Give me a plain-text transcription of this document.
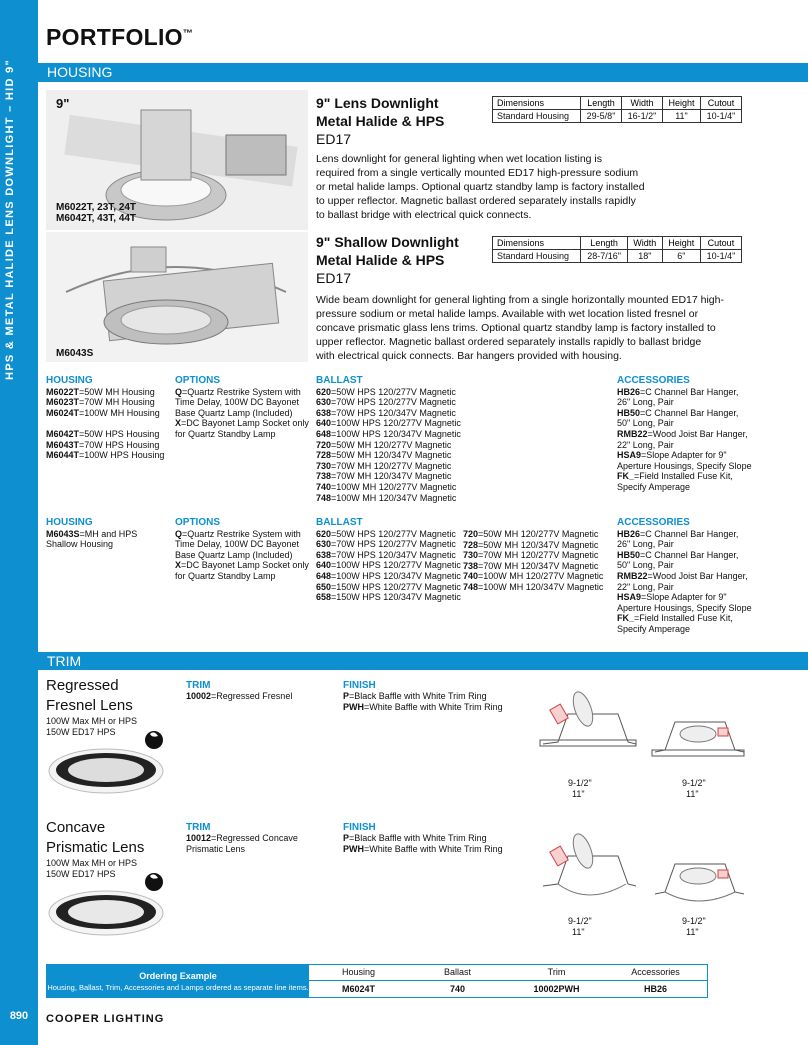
HPS & METAL HALIDE LENS DOWNLIGHT – HID 9"
890
PORTFOLIO™
HOUSING
9"
M6022T, 23T, 24T
M6042T, 43T, 44T
M6043S
9" Lens Downlight
Metal Halide & HPS
ED17
Dimensions	Length	Width	Height	Cutout
Standard Housing	29-5/8"	16-1/2"	11"	10-1/4"
Lens downlight for general lighting when wet location listing is
required from a single vertically mounted ED17 high-pressure sodium
or metal halide lamps. Optional quartz standby lamp is factory installed
to upper reflector. Magnetic ballast ordered separately installs rapidly
to ballast bridge with electrical quick connects.
9" Shallow Downlight
Metal Halide & HPS
ED17
Dimensions	Length	Width	Height	Cutout
Standard Housing	28-7/16"	18"	6"	10-1/4"
Wide beam downlight for general lighting from a single horizontally mounted ED17 high-
pressure sodium or metal halide lamps. Available with wet location listed fresnel or
concave prismatic glass lens trims. Optional quartz standby lamp is factory installed to
upper reflector. Magnetic ballast ordered separately installs rapidly to ballast bridge
with electrical quick connects. Bar hangers provided with housing.
HOUSING
M6022T=50W MH Housing
M6023T=70W MH Housing
M6024T=100W MH Housing

M6042T=50W HPS Housing
M6043T=70W HPS Housing
M6044T=100W HPS Housing
OPTIONS
Q=Quartz Restrike System with
Time Delay, 100W DC Bayonet
Base Quartz Lamp (Included)
X=DC Bayonet Lamp Socket only
for Quartz Standby Lamp
BALLAST
620=50W HPS 120/277V Magnetic
630=70W HPS 120/277V Magnetic
638=70W HPS 120/347V Magnetic
640=100W HPS 120/277V Magnetic
648=100W HPS 120/347V Magnetic
720=50W MH 120/277V Magnetic
728=50W MH 120/347V Magnetic
730=70W MH 120/277V Magnetic
738=70W MH 120/347V Magnetic
740=100W MH 120/277V Magnetic
748=100W MH 120/347V Magnetic
ACCESSORIES
HB26=C Channel Bar Hanger,
26" Long, Pair
HB50=C Channel Bar Hanger,
50" Long, Pair
RMB22=Wood Joist Bar Hanger,
22" Long, Pair
HSA9=Slope Adapter for 9"
Aperture Housings, Specify Slope
FK_=Field Installed Fuse Kit,
Specify Amperage
HOUSING
M6043S=MH and HPS
Shallow Housing
OPTIONS
Q=Quartz Restrike System with
Time Delay, 100W DC Bayonet
Base Quartz Lamp (Included)
X=DC Bayonet Lamp Socket only
for Quartz Standby Lamp
BALLAST
620=50W HPS 120/277V Magnetic
630=70W HPS 120/277V Magnetic
638=70W HPS 120/347V Magnetic
640=100W HPS 120/277V Magnetic
648=100W HPS 120/347V Magnetic
650=150W HPS 120/277V Magnetic
658=150W HPS 120/347V Magnetic
720=50W MH 120/277V Magnetic
728=50W MH 120/347V Magnetic
730=70W MH 120/277V Magnetic
738=70W MH 120/347V Magnetic
740=100W MH 120/277V Magnetic
748=100W MH 120/347V Magnetic
ACCESSORIES
HB26=C Channel Bar Hanger,
26" Long, Pair
HB50=C Channel Bar Hanger,
50" Long, Pair
RMB22=Wood Joist Bar Hanger,
22" Long, Pair
HSA9=Slope Adapter for 9"
Aperture Housings, Specify Slope
FK_=Field Installed Fuse Kit,
Specify Amperage
TRIM
Regressed
Fresnel Lens
100W Max MH or HPS
150W ED17 HPS
TRIM
10002=Regressed Fresnel
FINISH
P=Black Baffle with White Trim Ring
PWH=White Baffle with White Trim Ring
9-1/2"
11"
9-1/2"
11"
Concave
Prismatic Lens
100W Max MH or HPS
150W ED17 HPS
TRIM
10012=Regressed Concave
Prismatic Lens
FINISH
P=Black Baffle with White Trim Ring
PWH=White Baffle with White Trim Ring
9-1/2"
11"
9-1/2"
11"
Ordering Example
Housing, Ballast, Trim, Accessories and Lamps ordered as separate line items.
Housing	Ballast	Trim	Accessories
M6024T	740	10002PWH	HB26
COOPER LIGHTING
